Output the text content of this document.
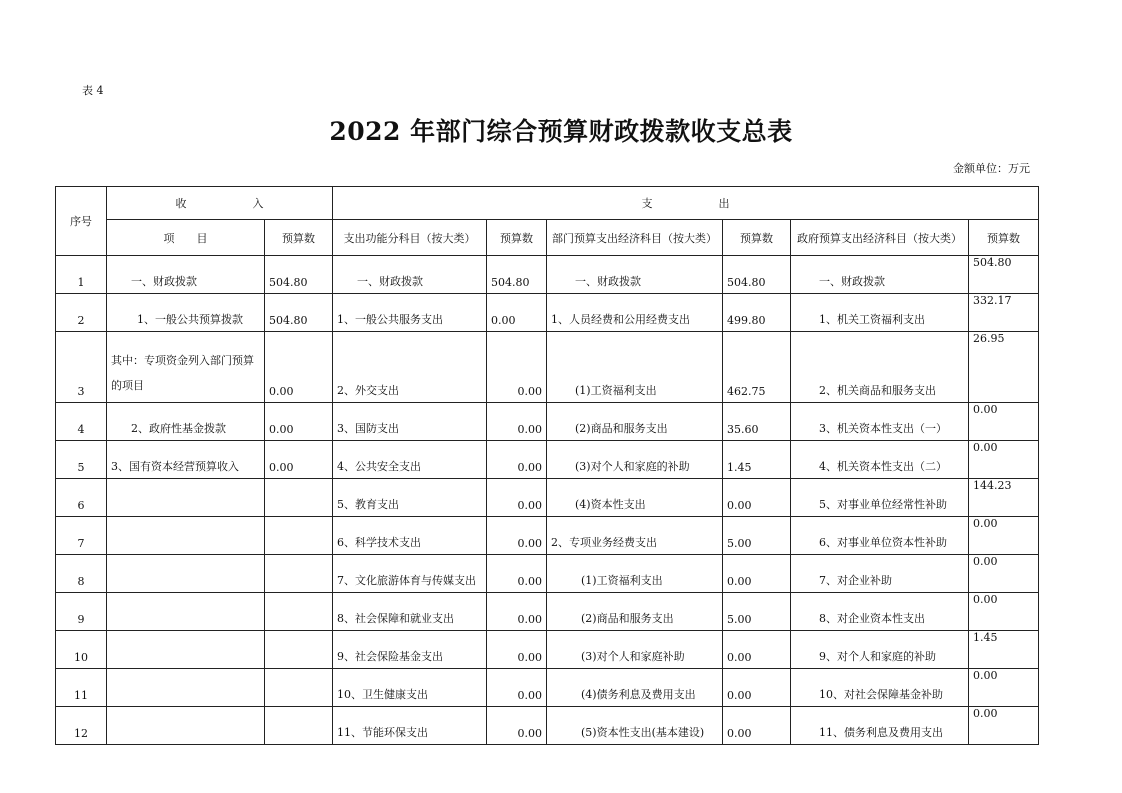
表 4
2022 年部门综合预算财政拨款收支总表
金额单位：万元
序号	收　　　　　　入		支　　　　　　出					
	项　　目	预算数	支出功能分科目（按大类）	预算数	部门预算支出经济科目（按大类）	预算数	政府预算支出经济科目（按大类）	预算数
1	一、财政拨款	504.80	一、财政拨款	504.80	一、财政拨款	504.80	一、财政拨款	504.80
2	1、一般公共预算拨款	504.80	1、一般公共服务支出	0.00	1、人员经费和公用经费支出	499.80	1、机关工资福利支出	332.17
3	其中：专项资金列入部门预算的项目	0.00	2、外交支出	0.00	(1)工资福利支出	462.75	2、机关商品和服务支出	26.95
4	2、政府性基金拨款	0.00	3、国防支出	0.00	(2)商品和服务支出	35.60	3、机关资本性支出（一）	0.00
5	3、国有资本经营预算收入	0.00	4、公共安全支出	0.00	(3)对个人和家庭的补助	1.45	4、机关资本性支出（二）	0.00
6			5、教育支出	0.00	(4)资本性支出	0.00	5、对事业单位经常性补助	144.23
7			6、科学技术支出	0.00	2、专项业务经费支出	5.00	6、对事业单位资本性补助	0.00
8			7、文化旅游体育与传媒支出	0.00	(1)工资福利支出	0.00	7、对企业补助	0.00
9			8、社会保障和就业支出	0.00	(2)商品和服务支出	5.00	8、对企业资本性支出	0.00
10			9、社会保险基金支出	0.00	(3)对个人和家庭补助	0.00	9、对个人和家庭的补助	1.45
11			10、卫生健康支出	0.00	(4)债务利息及费用支出	0.00	10、对社会保障基金补助	0.00
12			11、节能环保支出	0.00	(5)资本性支出(基本建设)	0.00	11、债务利息及费用支出	0.00
